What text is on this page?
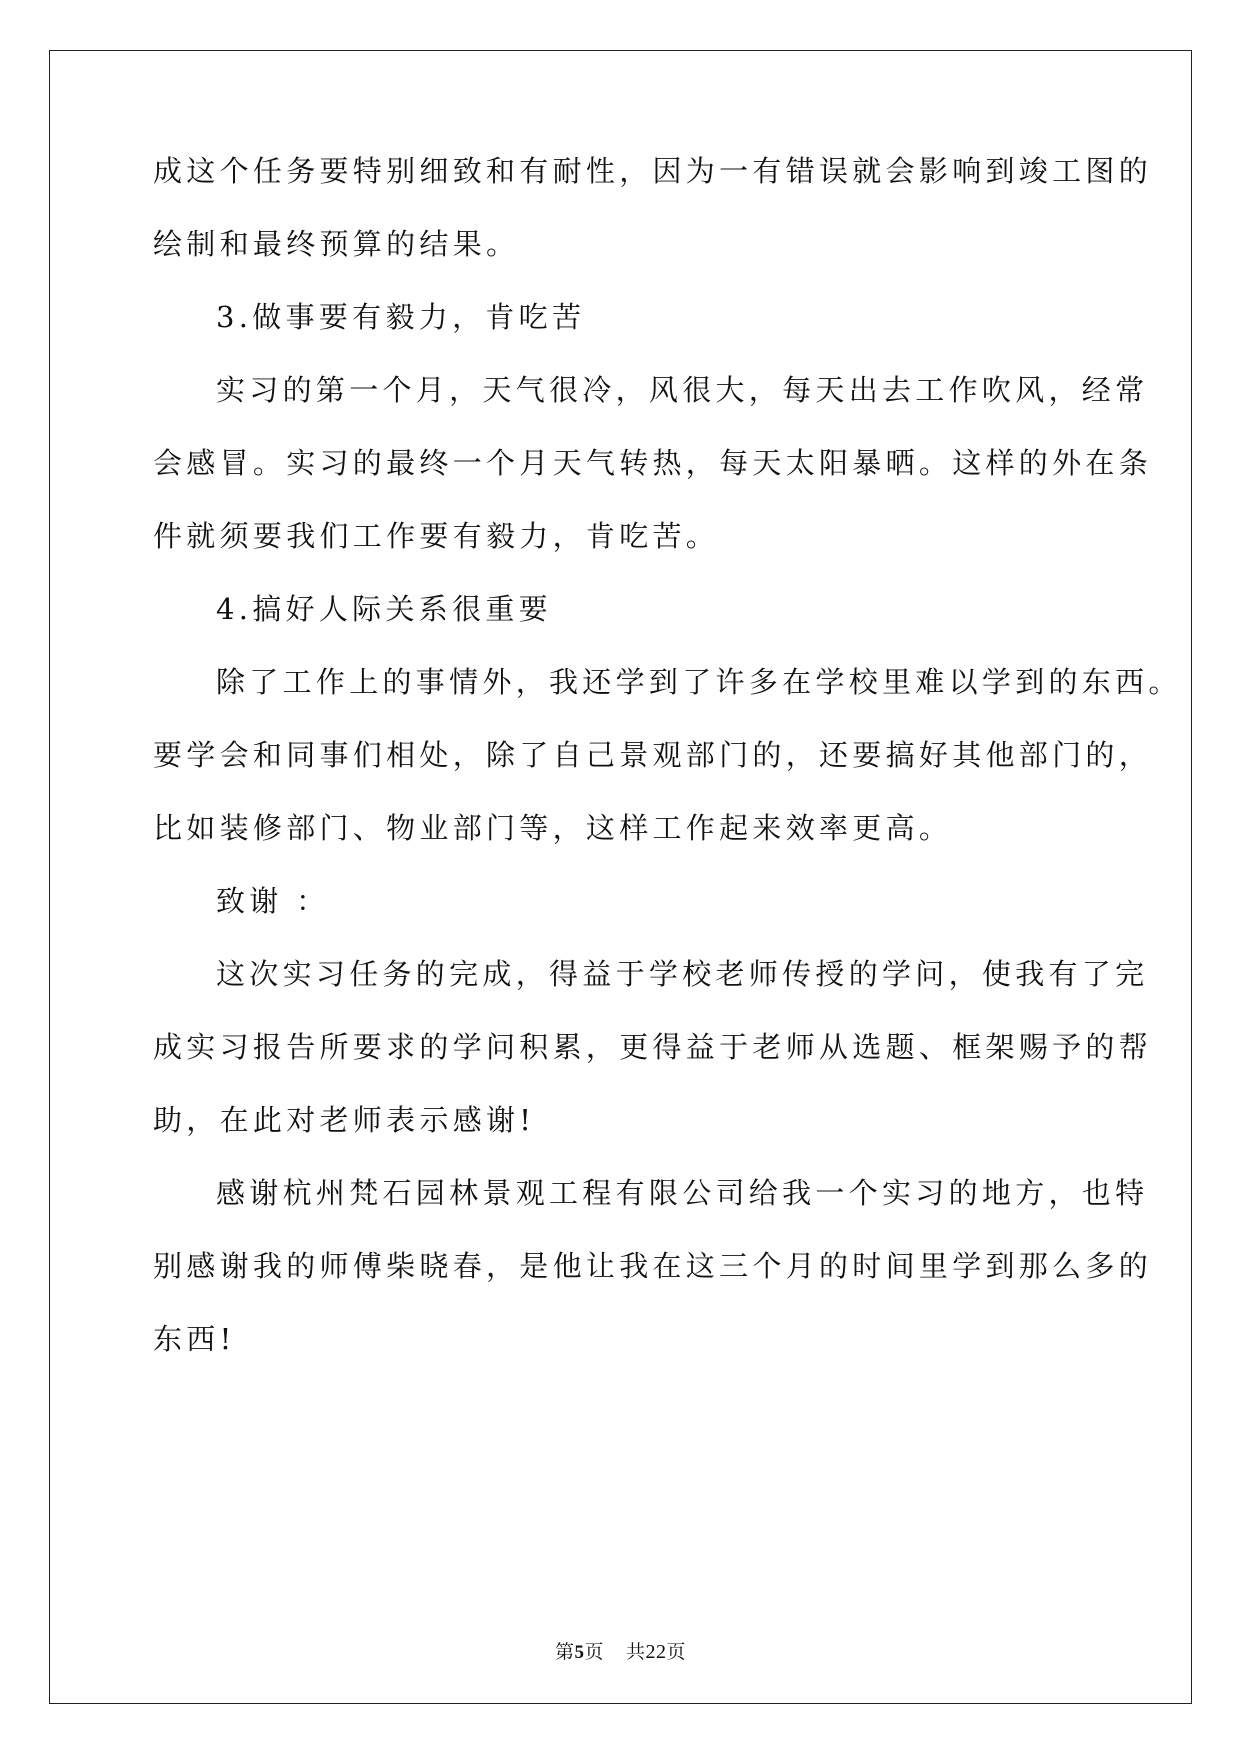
成这个任务要特别细致和有耐性，因为一有错误就会影响到竣工图的
绘制和最终预算的结果。
3.做事要有毅力，肯吃苦
实习的第一个月，天气很冷，风很大，每天出去工作吹风，经常
会感冒。实习的最终一个月天气转热，每天太阳暴晒。这样的外在条
件就须要我们工作要有毅力，肯吃苦。
4.搞好人际关系很重要
除了工作上的事情外，我还学到了许多在学校里难以学到的东西。
要学会和同事们相处，除了自己景观部门的，还要搞好其他部门的，
比如装修部门、物业部门等，这样工作起来效率更高。
致谢 ：
这次实习任务的完成，得益于学校老师传授的学问，使我有了完
成实习报告所要求的学问积累，更得益于老师从选题、框架赐予的帮
助，在此对老师表示感谢!
感谢杭州梵石园林景观工程有限公司给我一个实习的地方，也特
别感谢我的师傅柴晓春，是他让我在这三个月的时间里学到那么多的
东西!
第5页 共22页
